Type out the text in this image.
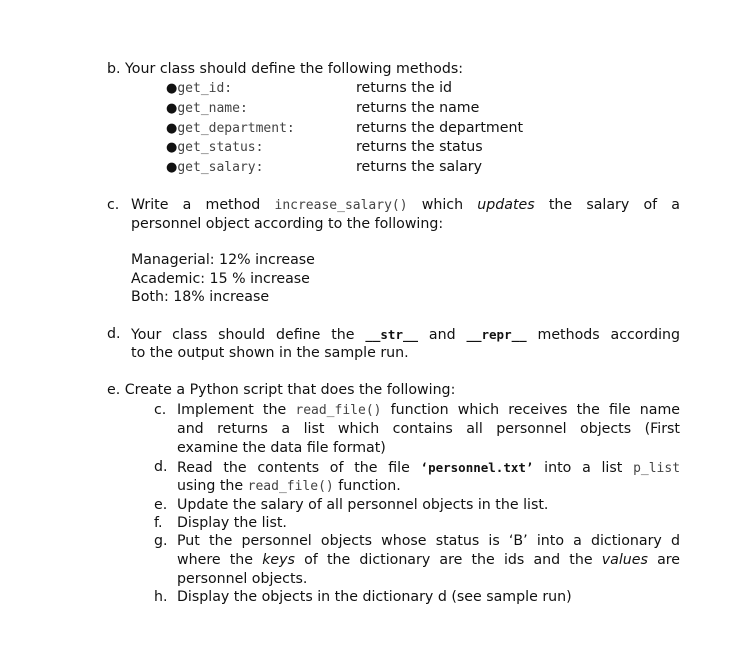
b. Your class should define the following methods:
●get_id:	returns the id
●get_name:	returns the name
●get_department:	returns the department
●get_status:	returns the status
●get_salary:	returns the salary
c. Write a method increase_salary() which updates the salary of a
personnel object according to the following:
Managerial: 12% increase
Academic: 15 % increase
Both: 18% increase
d. Your class should define the __str__ and __repr__ methods according
to the output shown in the sample run.
e. Create a Python script that does the following:
c. Implement the read_file() function which receives the file name
and returns a list which contains all personnel objects (First
examine the data file format)
d. Read the contents of the file ‘personnel.txt’ into a list p_list
using the read_file() function.
e. Update the salary of all personnel objects in the list.
f. Display the list.
g. Put the personnel objects whose status is ‘B’ into a dictionary d
where the keys of the dictionary are the ids and the values are
personnel objects.
h. Display the objects in the dictionary d (see sample run)
